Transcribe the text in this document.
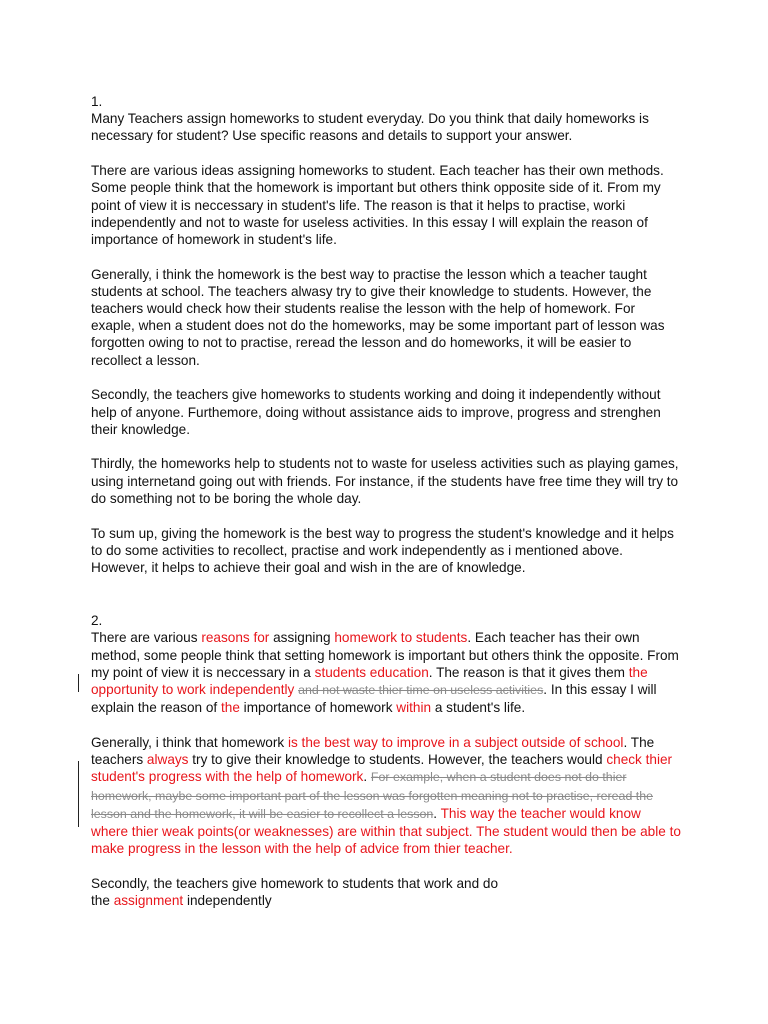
1.

Many Teachers assign homeworks to student everyday. Do you think that daily homeworks is necessary for student? Use specific reasons and details to support your answer.

There are various ideas assigning homeworks to student. Each teacher has their own methods. Some people think that the homework is important but others think opposite side of it. From my point of view it is neccessary in student's life. The reason is that it helps to practise, worki independently and not to waste for useless activities. In this essay I will explain the reason of importance of homework in student's life.

Generally, i think the homework is the best way to practise the lesson which a teacher taught students at school. The teachers alwasy try to give their knowledge to students. However, the teachers would check how their students realise the lesson with the help of homework. For exaple, when a student does not do the homeworks, may be some important part of lesson was forgotten owing to not to practise, reread the lesson and do homeworks, it will be easier to recollect a lesson.

Secondly, the teachers give homeworks to students working and doing it independently without help of anyone. Furthemore, doing without assistance aids to improve, progress and strenghen their knowledge.

Thirdly, the homeworks help to students not to waste for useless activities such as playing games, using internetand going out with friends. For instance, if the students have free time they will try to do something not to be boring the whole day.

To sum up, giving the homework is the best way to progress the student's knowledge and it helps to do some activities to recollect, practise and work independently as i mentioned above. However, it helps to achieve their goal and wish in the are of knowledge.

2.

There are various reasons for assigning homework to students. Each teacher has their own method, some people think that setting homework is important but others think the opposite. From my point of view it is neccessary in a students education. The reason is that it gives them the opportunity to work independently and not waste thier time on useless activities. In this essay I will explain the reason of the importance of homework within a student's life.

Generally, i think that homework is the best way to improve in a subject outside of school. The teachers always try to give their knowledge to students. However, the teachers would check thier student's progress with the help of homework. For example, when a student does not do thier homework, maybe some important part of the lesson was forgotten meaning not to practise, reread the lesson and the homework, it will be easier to recollect a lesson. This way the teacher would know where thier weak points(or weaknesses) are within that subject. The student would then be able to make progress in the lesson with the help of advice from thier teacher.

Secondly, the teachers give homework to students that work and do
the assignment independently
